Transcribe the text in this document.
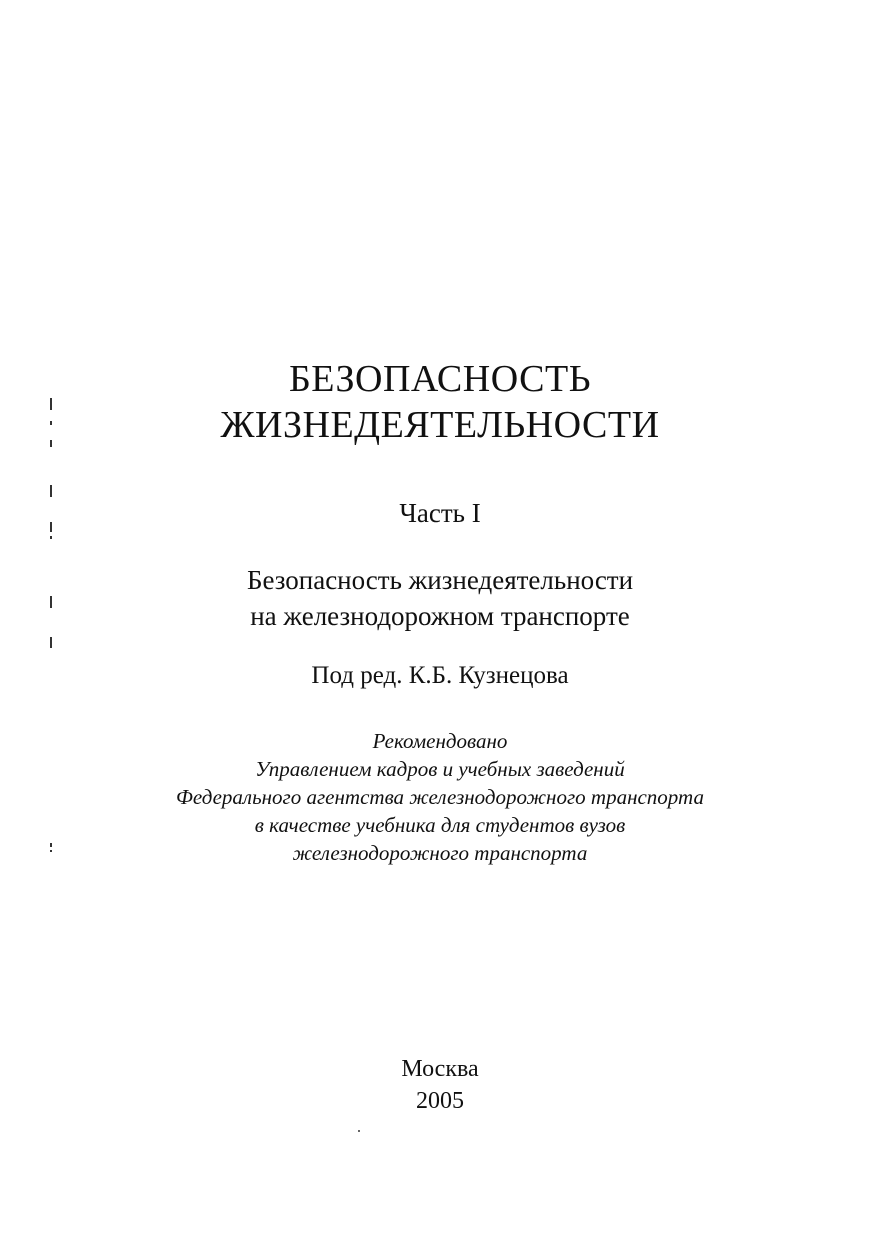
БЕЗОПАСНОСТЬ
ЖИЗНЕДЕЯТЕЛЬНОСТИ
Часть I
Безопасность жизнедеятельности
на железнодорожном транспорте
Под ред. К.Б. Кузнецова
Рекомендовано
Управлением кадров и учебных заведений
Федерального агентства железнодорожного транспорта
в качестве учебника для студентов вузов
железнодорожного транспорта
Москва
2005
